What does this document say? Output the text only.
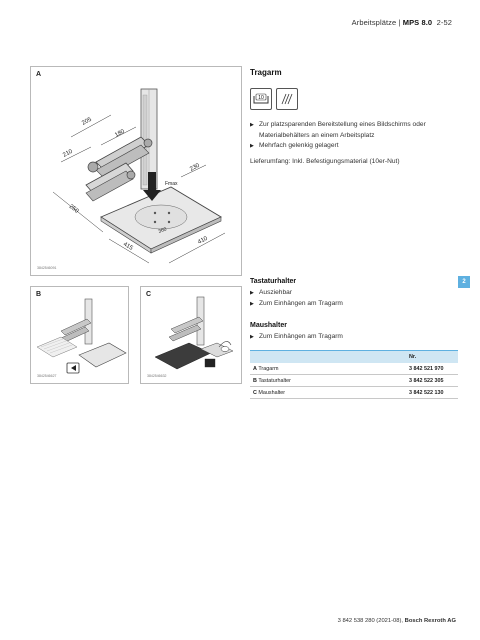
Arbeitsplätze | MPS 8.0 2-52
A
205
180
210
250
415
410
230
Fmax
360
3842546091
B
3842546627
C
3842546632
Tragarm
10
▶ Zur platzsparenden Bereitstellung eines Bildschirms oder Materialbehälters an einem Arbeitsplatz
▶ Mehrfach gelenkig gelagert
Lieferumfang: Inkl. Befestigungsmaterial (10er-Nut)
2
Tastaturhalter
▶ Ausziehbar
▶ Zum Einhängen am Tragarm
Maushalter
▶ Zum Einhängen am Tragarm
	Nr.
A Tragarm	3 842 521 970
B Tastaturhalter	3 842 522 305
C Maushalter	3 842 522 130
3 842 538 280 (2021-08), Bosch Rexroth AG
